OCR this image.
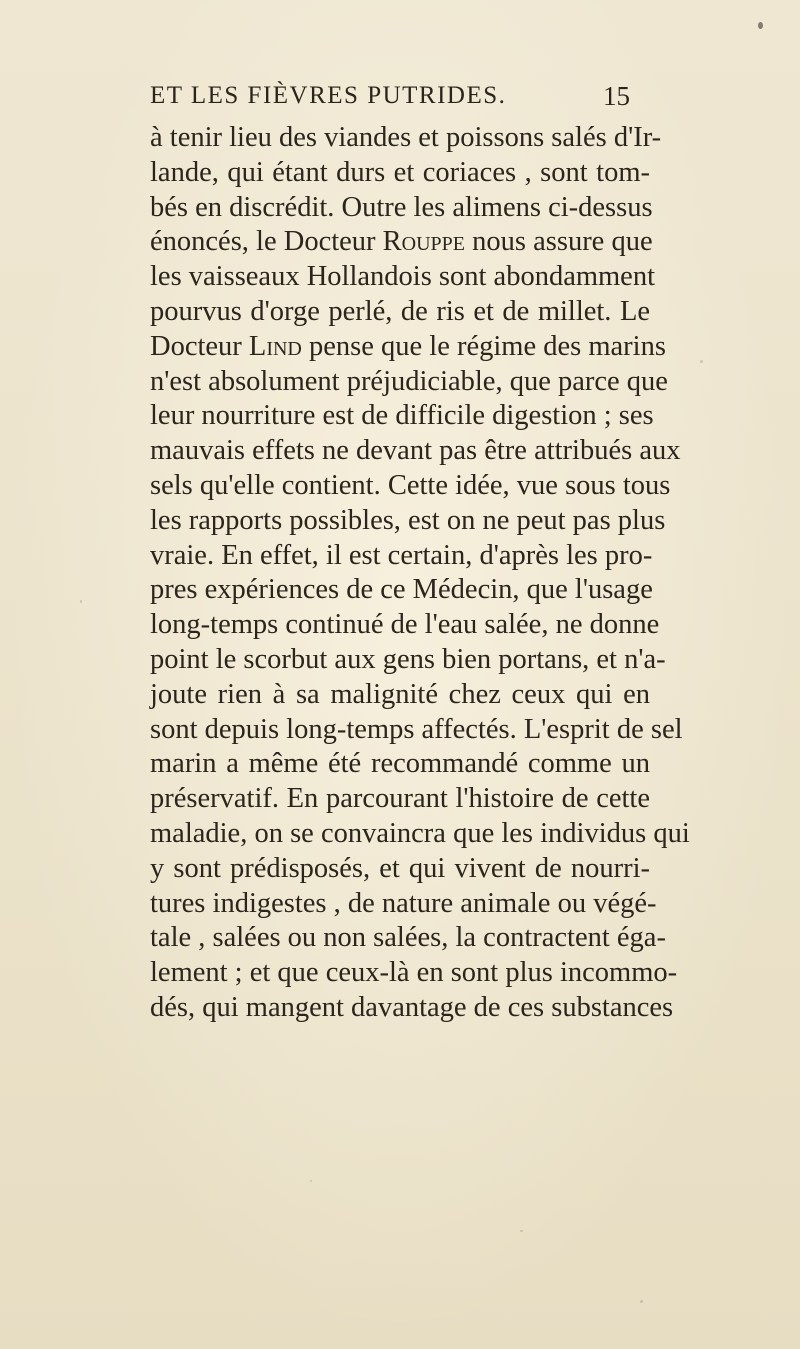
ET LES FIÈVRES PUTRIDES.	15
à tenir lieu des viandes et poissons salés d'Ir-
lande, qui étant durs et coriaces , sont tom-
bés en discrédit. Outre les alimens ci-dessus
énoncés, le Docteur Rouppe nous assure que
les vaisseaux Hollandois sont abondamment
pourvus d'orge perlé, de ris et de millet. Le
Docteur Lind pense que le régime des marins
n'est absolument préjudiciable, que parce que
leur nourriture est de difficile digestion ; ses
mauvais effets ne devant pas être attribués aux
sels qu'elle contient. Cette idée, vue sous tous
les rapports possibles, est on ne peut pas plus
vraie. En effet, il est certain, d'après les pro-
pres expériences de ce Médecin, que l'usage
long-temps continué de l'eau salée, ne donne
point le scorbut aux gens bien portans, et n'a-
joute rien à sa malignité chez ceux qui en
sont depuis long-temps affectés. L'esprit de sel
marin a même été recommandé comme un
préservatif. En parcourant l'histoire de cette
maladie, on se convaincra que les individus qui
y sont prédisposés, et qui vivent de nourri-
tures indigestes , de nature animale ou végé-
tale , salées ou non salées, la contractent éga-
lement ; et que ceux-là en sont plus incommo-
dés, qui mangent davantage de ces substances
